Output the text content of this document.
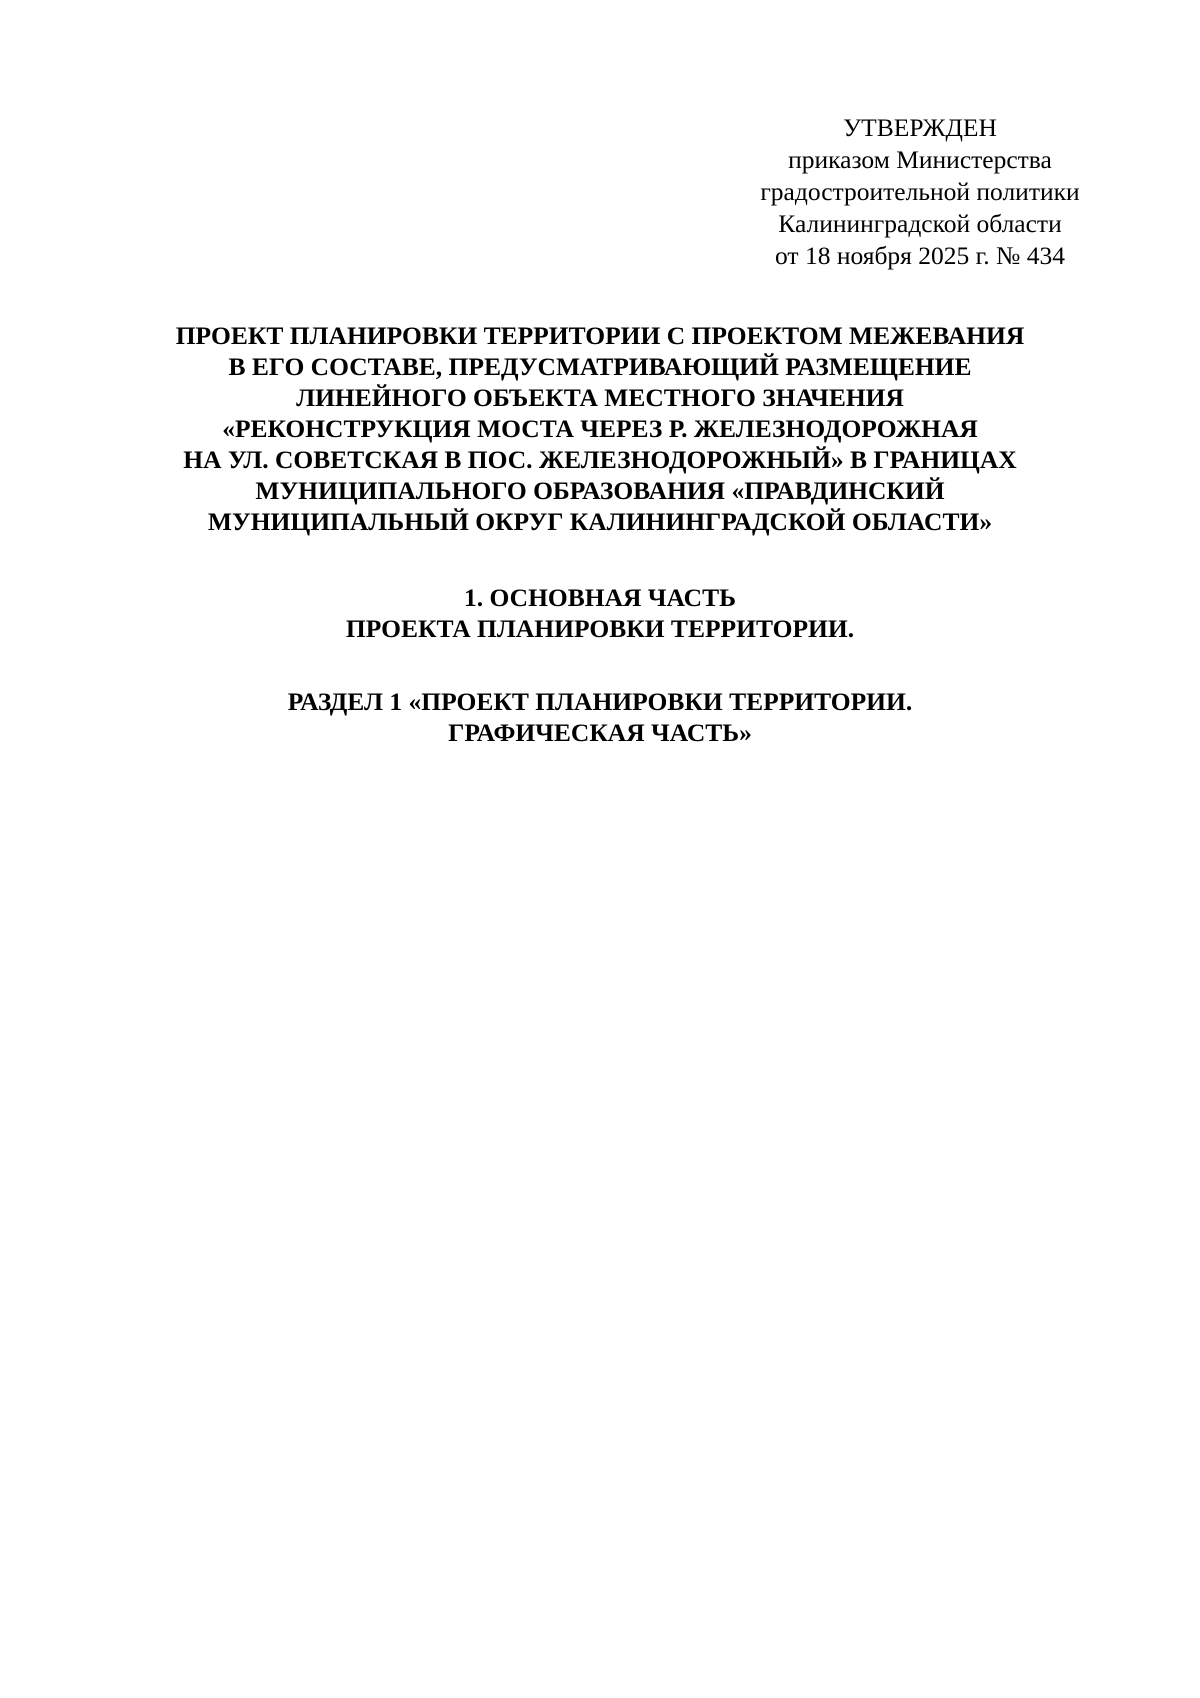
УТВЕРЖДЕН
приказом Министерства
градостроительной политики
Калининградской области
от 18 ноября 2025 г. № 434
ПРОЕКТ ПЛАНИРОВКИ ТЕРРИТОРИИ С ПРОЕКТОМ МЕЖЕВАНИЯ
В ЕГО СОСТАВЕ, ПРЕДУСМАТРИВАЮЩИЙ РАЗМЕЩЕНИЕ
ЛИНЕЙНОГО ОБЪЕКТА МЕСТНОГО ЗНАЧЕНИЯ
«РЕКОНСТРУКЦИЯ МОСТА ЧЕРЕЗ Р. ЖЕЛЕЗНОДОРОЖНАЯ
НА УЛ. СОВЕТСКАЯ В ПОС. ЖЕЛЕЗНОДОРОЖНЫЙ» В ГРАНИЦАХ
МУНИЦИПАЛЬНОГО ОБРАЗОВАНИЯ «ПРАВДИНСКИЙ
МУНИЦИПАЛЬНЫЙ ОКРУГ КАЛИНИНГРАДСКОЙ ОБЛАСТИ»
1. ОСНОВНАЯ ЧАСТЬ
ПРОЕКТА ПЛАНИРОВКИ ТЕРРИТОРИИ.
РАЗДЕЛ 1 «ПРОЕКТ ПЛАНИРОВКИ ТЕРРИТОРИИ.
ГРАФИЧЕСКАЯ ЧАСТЬ»
